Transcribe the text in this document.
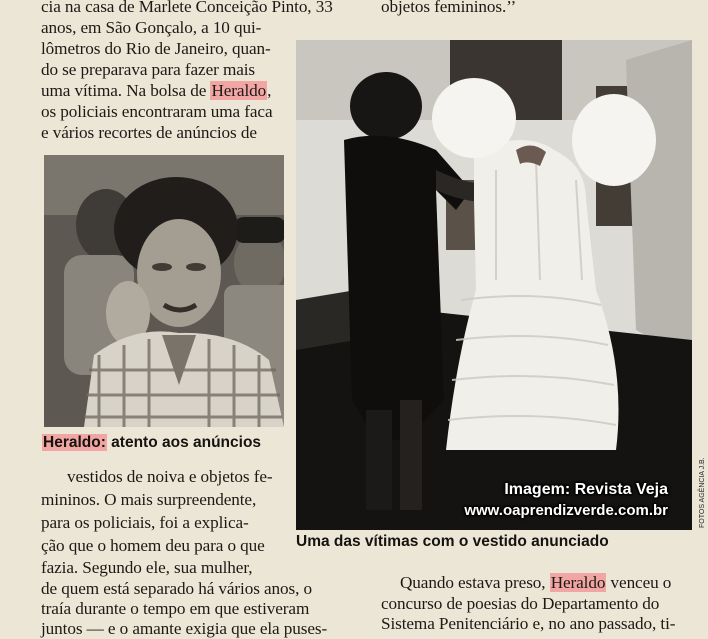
cia na casa de Marlete Conceição Pinto, 33
anos, em São Gonçalo, a 10 qui-
lômetros do Rio de Janeiro, quan-
do se preparava para fazer mais
uma vítima. Na bolsa de Heraldo,
os policiais encontraram uma faca
e vários recortes de anúncios de
objetos femininos.’’
Heraldo: atento aos anúncios
Imagem: Revista Veja
www.oaprendizverde.com.br	FOTOS AGÊNCIA J.B.
Uma das vítimas com o vestido anunciado
vestidos de noiva e objetos fe-
mininos. O mais surpreendente,
para os policiais, foi a explica-
ção que o homem deu para o que
fazia. Segundo ele, sua mulher,
de quem está separado há vários anos, o
traía durante o tempo em que estiveram
juntos — e o amante exigia que ela puses-
Quando estava preso, Heraldo venceu o
concurso de poesias do Departamento do
Sistema Penitenciário e, no ano passado, ti-
